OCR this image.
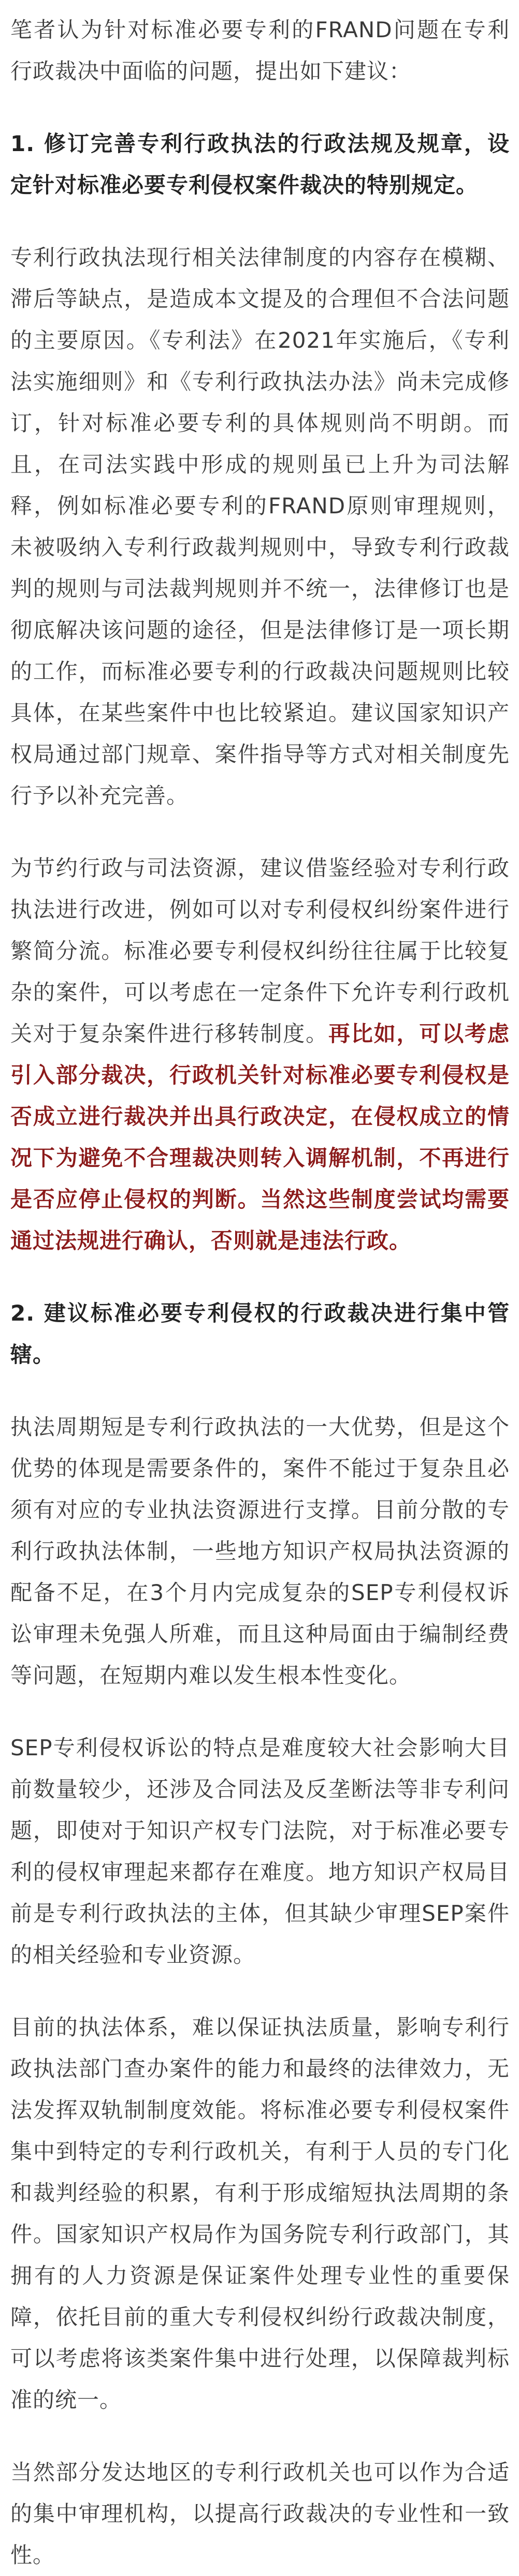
笔者认为针对标准必要专利的FRAND问题在专利行政裁决中面临的问题，提出如下建议：

1. 修订完善专利行政执法的行政法规及规章，设定针对标准必要专利侵权案件裁决的特别规定。

专利行政执法现行相关法律制度的内容存在模糊、滞后等缺点，是造成本文提及的合理但不合法问题的主要原因。《专利法》在2021年实施后，《专利法实施细则》和《专利行政执法办法》尚未完成修订，针对标准必要专利的具体规则尚不明朗。而且，在司法实践中形成的规则虽已上升为司法解释，例如标准必要专利的FRAND原则审理规则，未被吸纳入专利行政裁判规则中，导致专利行政裁判的规则与司法裁判规则并不统一，法律修订也是彻底解决该问题的途径，但是法律修订是一项长期的工作，而标准必要专利的行政裁决问题规则比较具体，在某些案件中也比较紧迫。建议国家知识产权局通过部门规章、案件指导等方式对相关制度先行予以补充完善。

为节约行政与司法资源，建议借鉴经验对专利行政执法进行改进，例如可以对专利侵权纠纷案件进行繁简分流。标准必要专利侵权纠纷往往属于比较复杂的案件，可以考虑在一定条件下允许专利行政机关对于复杂案件进行移转制度。再比如，可以考虑引入部分裁决，行政机关针对标准必要专利侵权是否成立进行裁决并出具行政决定，在侵权成立的情况下为避免不合理裁决则转入调解机制，不再进行是否应停止侵权的判断。当然这些制度尝试均需要通过法规进行确认，否则就是违法行政。

2. 建议标准必要专利侵权的行政裁决进行集中管辖。

执法周期短是专利行政执法的一大优势，但是这个优势的体现是需要条件的，案件不能过于复杂且必须有对应的专业执法资源进行支撑。目前分散的专利行政执法体制，一些地方知识产权局执法资源的配备不足，在3个月内完成复杂的SEP专利侵权诉讼审理未免强人所难，而且这种局面由于编制经费等问题，在短期内难以发生根本性变化。

SEP专利侵权诉讼的特点是难度较大社会影响大目前数量较少，还涉及合同法及反垄断法等非专利问题，即使对于知识产权专门法院，对于标准必要专利的侵权审理起来都存在难度。地方知识产权局目前是专利行政执法的主体，但其缺少审理SEP案件的相关经验和专业资源。

目前的执法体系，难以保证执法质量，影响专利行政执法部门查办案件的能力和最终的法律效力，无法发挥双轨制制度效能。将标准必要专利侵权案件集中到特定的专利行政机关，有利于人员的专门化和裁判经验的积累，有利于形成缩短执法周期的条件。国家知识产权局作为国务院专利行政部门，其拥有的人力资源是保证案件处理专业性的重要保障，依托目前的重大专利侵权纠纷行政裁决制度，可以考虑将该类案件集中进行处理，以保障裁判标准的统一。

当然部分发达地区的专利行政机关也可以作为合适的集中审理机构，以提高行政裁决的专业性和一致性。
